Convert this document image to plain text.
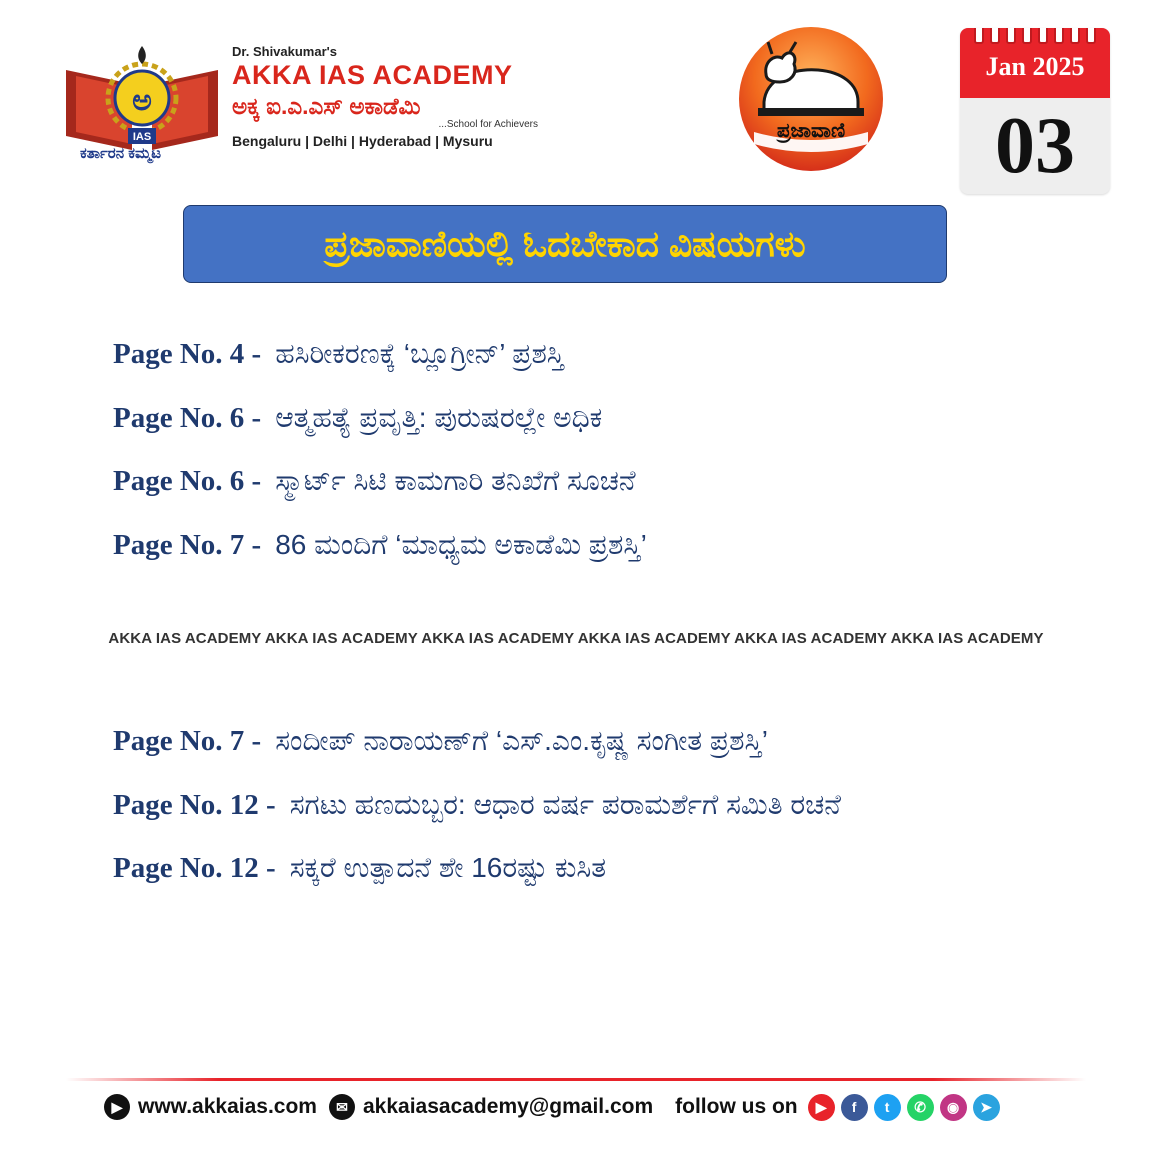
ಅ
IAS
ಕರ್ತಾರನ ಕಮ್ಮಟ
Dr. Shivakumar's
AKKA IAS ACADEMY
ಅಕ್ಕ ಐ.ಎ.ಎಸ್ ಅಕಾಡೆಮಿ
...School for Achievers
Bengaluru | Delhi | Hyderabad | Mysuru	ಪ್ರಜಾವಾಣಿ
Jan 2025
03
ಪ್ರಜಾವಾಣಿಯಲ್ಲಿ ಓದಬೇಕಾದ ವಿಷಯಗಳು
Page No. 4 - ಹಸಿರೀಕರಣಕ್ಕೆ ‘ಬ್ಲೂಗ್ರೀನ್’ ಪ್ರಶಸ್ತಿ
Page No. 6 - ಆತ್ಮಹತ್ಯೆ ಪ್ರವೃತ್ತಿ: ಪುರುಷರಲ್ಲೇ ಅಧಿಕ
Page No. 6 - ಸ್ಮಾರ್ಟ್ ಸಿಟಿ ಕಾಮಗಾರಿ ತನಿಖೆಗೆ ಸೂಚನೆ
Page No. 7 - 86 ಮಂದಿಗೆ ‘ಮಾಧ್ಯಮ ಅಕಾಡೆಮಿ ಪ್ರಶಸ್ತಿ’
AKKA IAS ACADEMY AKKA IAS ACADEMY AKKA IAS ACADEMY AKKA IAS ACADEMY AKKA IAS ACADEMY AKKA IAS ACADEMY
Page No. 7 - ಸಂದೀಪ್ ನಾರಾಯಣ್‌ಗೆ ‘ಎಸ್.ಎಂ.ಕೃಷ್ಣ ಸಂಗೀತ ಪ್ರಶಸ್ತಿ’
Page No. 12 - ಸಗಟು ಹಣದುಬ್ಬರ: ಆಧಾರ ವರ್ಷ ಪರಾಮರ್ಶೆಗೆ ಸಮಿತಿ ರಚನೆ
Page No. 12 - ಸಕ್ಕರೆ ಉತ್ಪಾದನೆ ಶೇ 16ರಷ್ಟು ಕುಸಿತ
▶ www.akkaias.com	✉ akkaiasacademy@gmail.com follow us on	▶	f	t	✆	◉	➤
